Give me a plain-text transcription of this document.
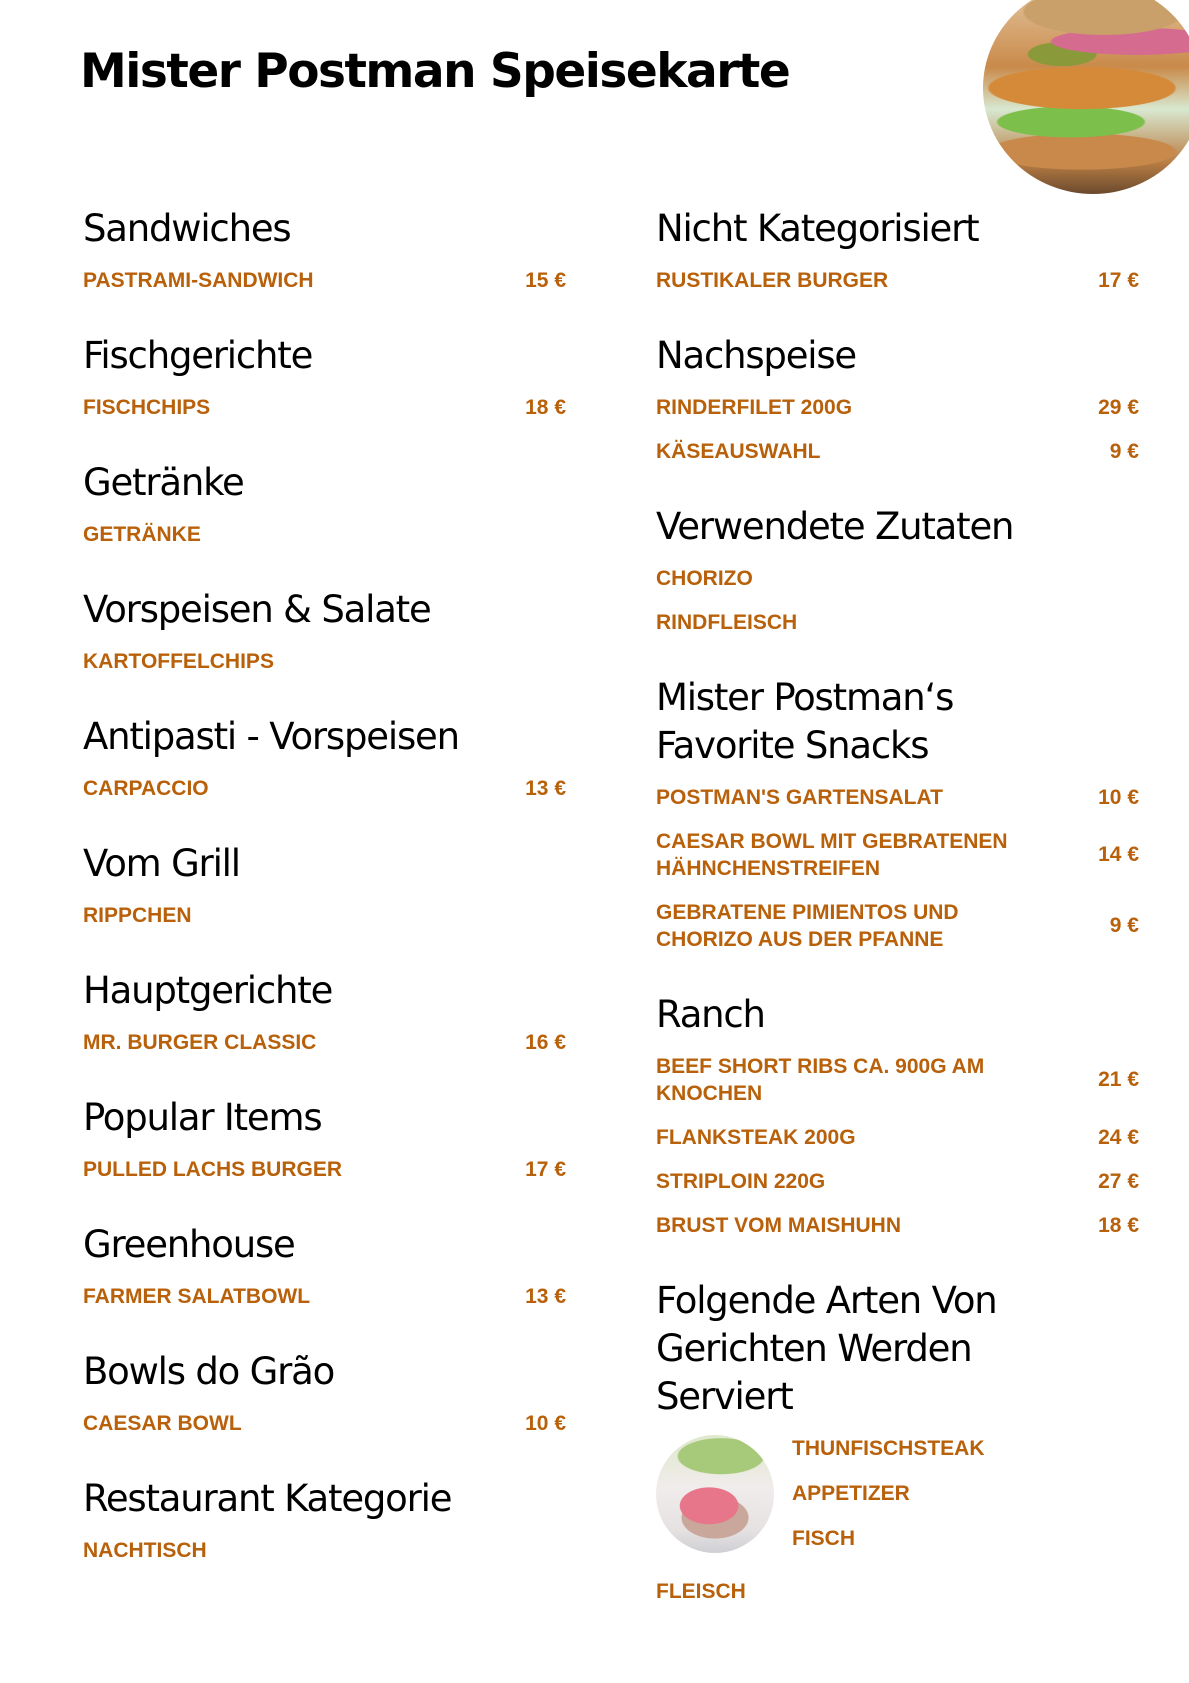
Mister Postman Speisekarte
Sandwiches
PASTRAMI-SANDWICH	15 €
Fischgerichte
FISCHCHIPS	18 €
Getränke
GETRÄNKE
Vorspeisen & Salate
KARTOFFELCHIPS
Antipasti - Vorspeisen
CARPACCIO	13 €
Vom Grill
RIPPCHEN
Hauptgerichte
MR. BURGER CLASSIC	16 €
Popular Items
PULLED LACHS BURGER	17 €
Greenhouse
FARMER SALATBOWL	13 €
Bowls do Grão
CAESAR BOWL	10 €
Restaurant Kategorie
NACHTISCH
Nicht Kategorisiert
RUSTIKALER BURGER	17 €
Nachspeise
RINDERFILET 200G	29 €
KÄSEAUSWAHL	9 €
Verwendete Zutaten
CHORIZO
RINDFLEISCH
Mister Postman‘s Favorite Snacks
POSTMAN'S GARTENSALAT	10 €
CAESAR BOWL MIT GEBRATENEN HÄHNCHENSTREIFEN
14 €
GEBRATENE PIMIENTOS UND CHORIZO AUS DER PFANNE
9 €
Ranch
BEEF SHORT RIBS CA. 900G AM KNOCHEN
21 €
FLANKSTEAK 200G	24 €
STRIPLOIN 220G	27 €
BRUST VOM MAISHUHN	18 €
Folgende Arten Von Gerichten Werden Serviert
THUNFISCHSTEAK
APPETIZER
FISCH
FLEISCH
